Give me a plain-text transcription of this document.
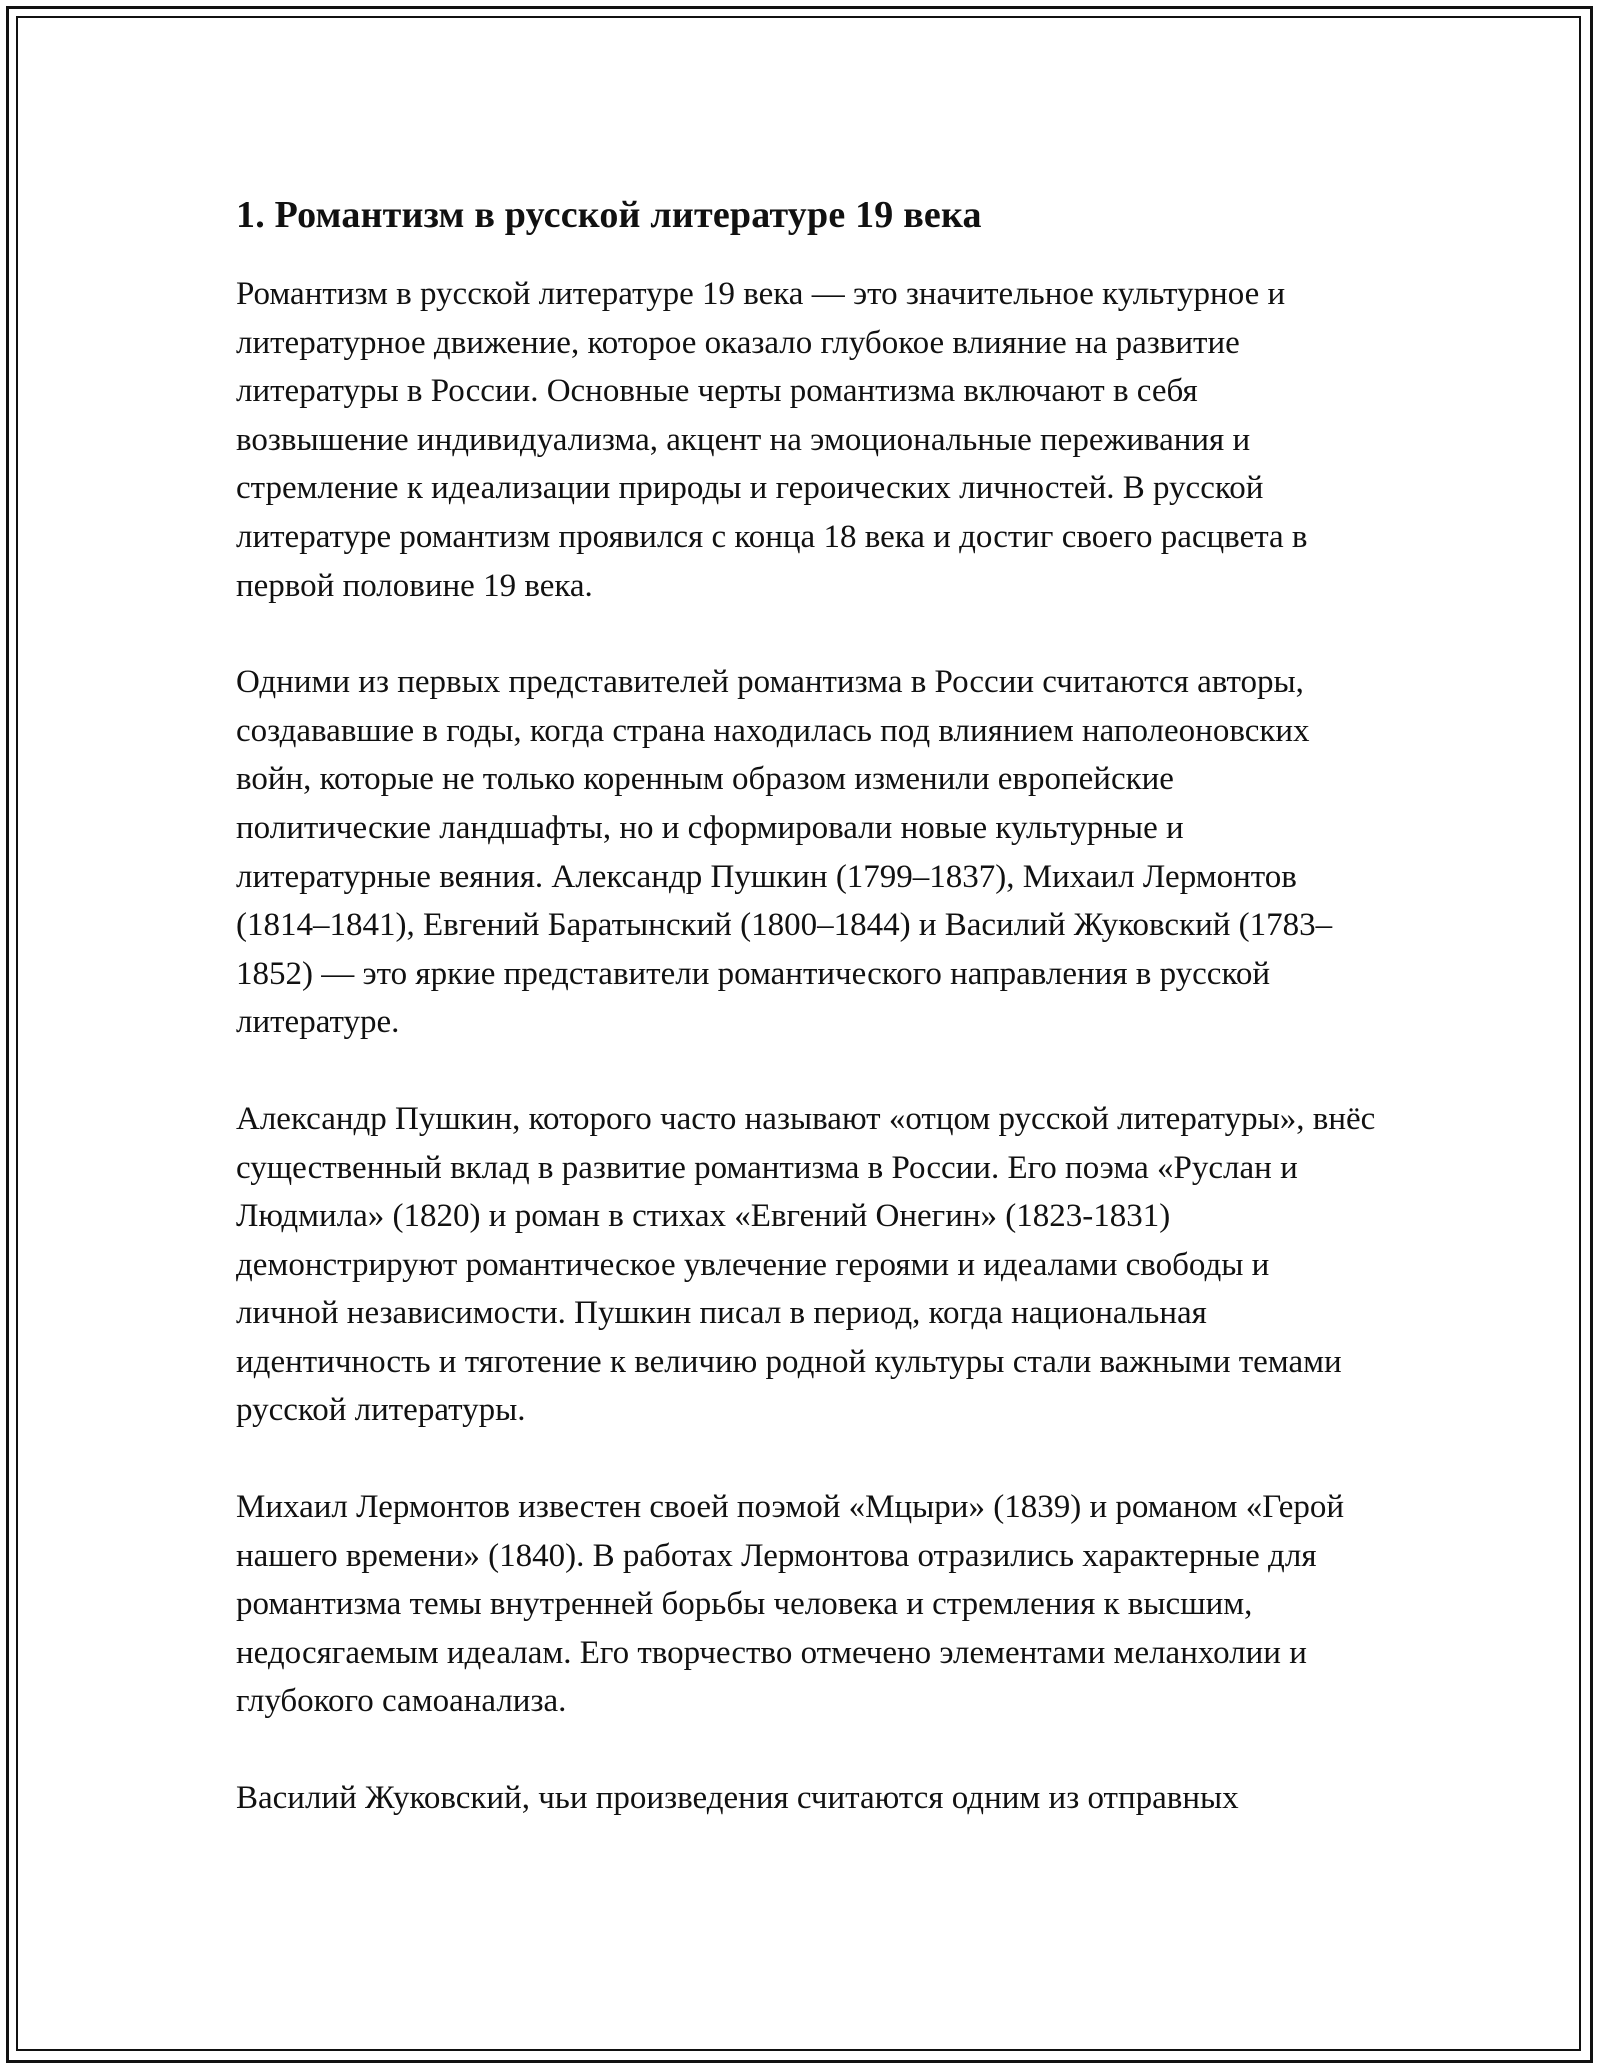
1. Романтизм в русской литературе 19 века

Романтизм в русской литературе 19 века — это значительное культурное и литературное движение, которое оказало глубокое влияние на развитие литературы в России. Основные черты романтизма включают в себя возвышение индивидуализма, акцент на эмоциональные переживания и стремление к идеализации природы и героических личностей. В русской литературе романтизм проявился с конца 18 века и достиг своего расцвета в первой половине 19 века.

Одними из первых представителей романтизма в России считаются авторы, создававшие в годы, когда страна находилась под влиянием наполеоновских войн, которые не только коренным образом изменили европейские политические ландшафты, но и сформировали новые культурные и литературные веяния. Александр Пушкин (1799–1837), Михаил Лермонтов (1814–1841), Евгений Баратынский (1800–1844) и Василий Жуковский (1783–1852) — это яркие представители романтического направления в русской литературе.

Александр Пушкин, которого часто называют «отцом русской литературы», внёс существенный вклад в развитие романтизма в России. Его поэма «Руслан и Людмила» (1820) и роман в стихах «Евгений Онегин» (1823-1831) демонстрируют романтическое увлечение героями и идеалами свободы и личной независимости. Пушкин писал в период, когда национальная идентичность и тяготение к величию родной культуры стали важными темами русской литературы.

Михаил Лермонтов известен своей поэмой «Мцыри» (1839) и романом «Герой нашего времени» (1840). В работах Лермонтова отразились характерные для романтизма темы внутренней борьбы человека и стремления к высшим, недосягаемым идеалам. Его творчество отмечено элементами меланхолии и глубокого самоанализа.

Василий Жуковский, чьи произведения считаются одним из отправных
